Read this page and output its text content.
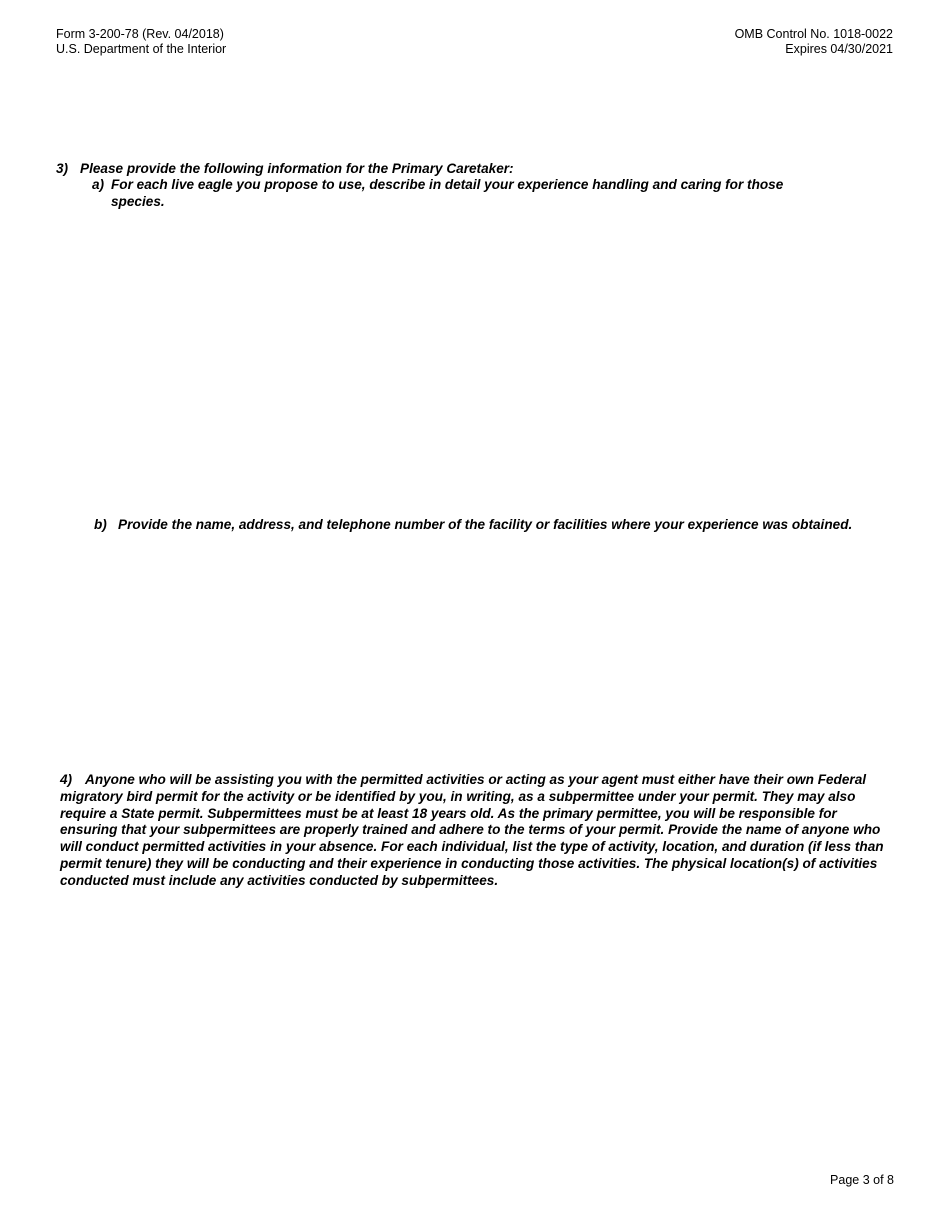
Form 3-200-78 (Rev. 04/2018)
U.S. Department of the Interior
OMB Control No. 1018-0022
Expires 04/30/2021
3) Please provide the following information for the Primary Caretaker:
a) For each live eagle you propose to use, describe in detail your experience handling and caring for those
species.
b) Provide the name, address, and telephone number of the facility or facilities where your experience was obtained.
4) Anyone who will be assisting you with the permitted activities or acting as your agent must either have their own Federal
migratory bird permit for the activity or be identified by you, in writing, as a subpermittee under your permit. They may also
require a State permit. Subpermittees must be at least 18 years old. As the primary permittee, you will be responsible for
ensuring that your subpermittees are properly trained and adhere to the terms of your permit. Provide the name of anyone who
will conduct permitted activities in your absence. For each individual, list the type of activity, location, and duration (if less than
permit tenure) they will be conducting and their experience in conducting those activities. The physical location(s) of activities
conducted must include any activities conducted by subpermittees.
Page 3 of 8
